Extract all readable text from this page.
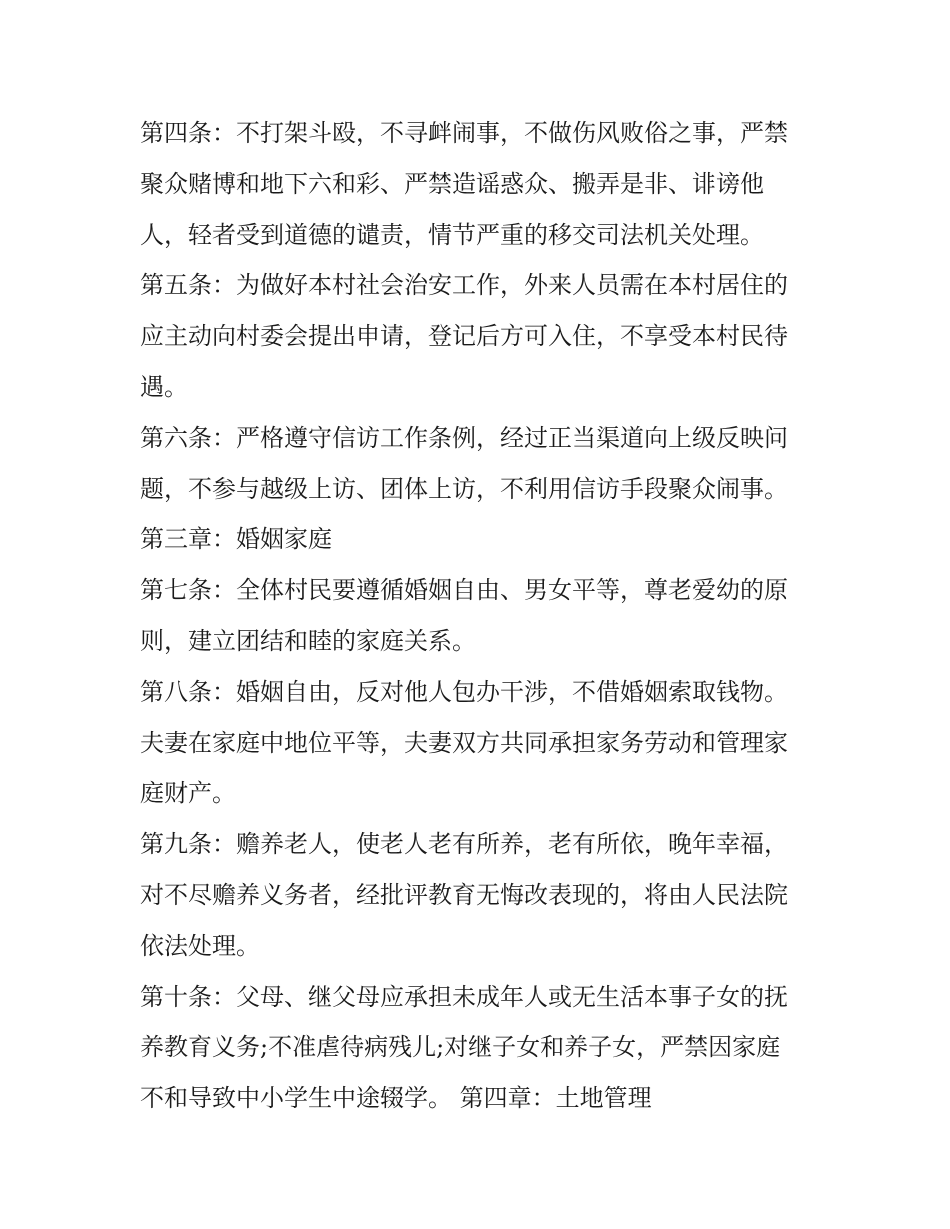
第四条：不打架斗殴，不寻衅闹事，不做伤风败俗之事，严禁
聚众赌博和地下六和彩、严禁造谣惑众、搬弄是非、诽谤他
人，轻者受到道德的谴责，情节严重的移交司法机关处理。
第五条：为做好本村社会治安工作，外来人员需在本村居住的
应主动向村委会提出申请，登记后方可入住，不享受本村民待
遇。
第六条：严格遵守信访工作条例，经过正当渠道向上级反映问
题，不参与越级上访、团体上访，不利用信访手段聚众闹事。
第三章：婚姻家庭
第七条：全体村民要遵循婚姻自由、男女平等，尊老爱幼的原
则，建立团结和睦的家庭关系。
第八条：婚姻自由，反对他人包办干涉，不借婚姻索取钱物。
夫妻在家庭中地位平等，夫妻双方共同承担家务劳动和管理家
庭财产。
第九条：赡养老人，使老人老有所养，老有所依，晚年幸福，
对不尽赡养义务者，经批评教育无悔改表现的，将由人民法院
依法处理。
第十条：父母、继父母应承担未成年人或无生活本事子女的抚
养教育义务;不准虐待病残儿;对继子女和养子女，严禁因家庭
不和导致中小学生中途辍学。 第四章：土地管理
